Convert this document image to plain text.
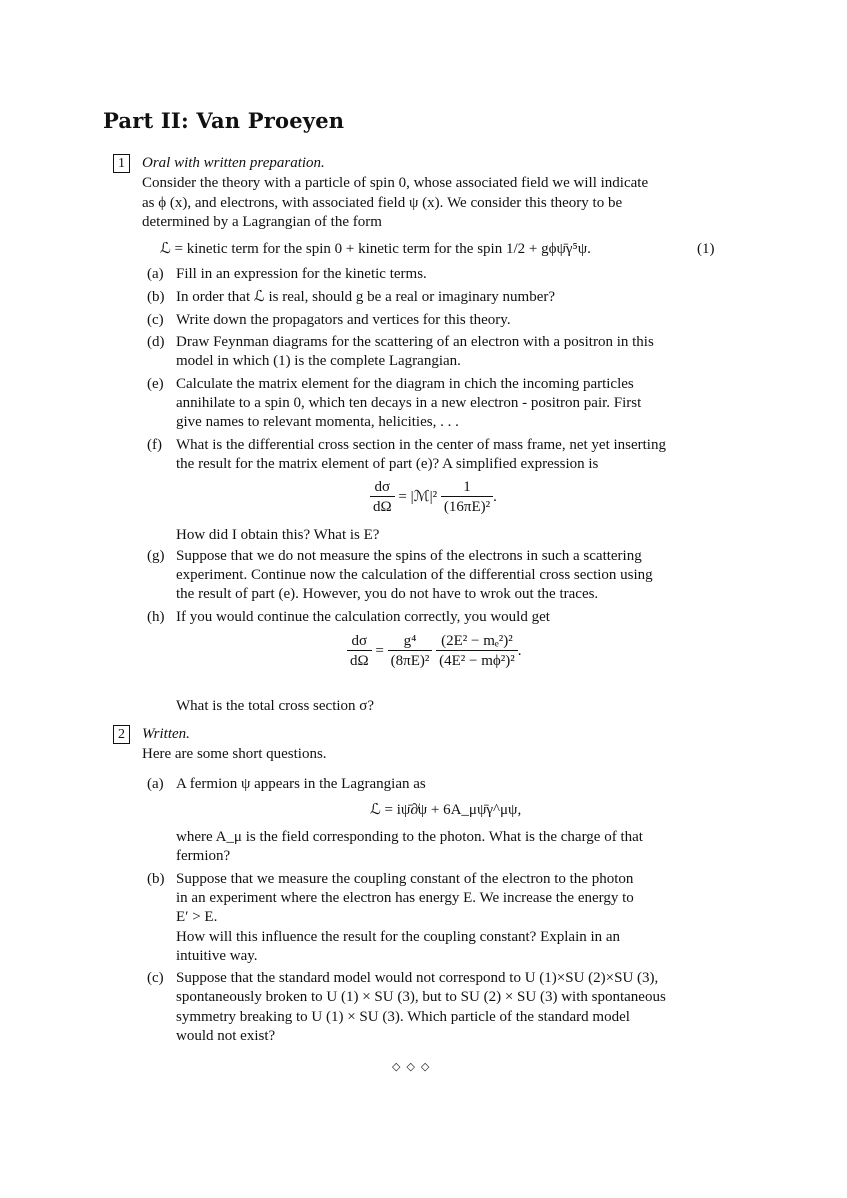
Part II: Van Proeyen
1	Oral with written preparation.
Consider the theory with a particle of spin 0, whose associated field we will indicate
as ϕ (x), and electrons, with associated field ψ (x). We consider this theory to be
determined by a Lagrangian of the form
ℒ = kinetic term for the spin 0 + kinetic term for the spin 1/2 + gϕψ̄γ⁵ψ.	(1)
(a) Fill in an expression for the kinetic terms.
(b) In order that ℒ is real, should g be a real or imaginary number?
(c) Write down the propagators and vertices for this theory.
(d) Draw Feynman diagrams for the scattering of an electron with a positron in this
model in which (1) is the complete Lagrangian.
(e) Calculate the matrix element for the diagram in chich the incoming particles
annihilate to a spin 0, which ten decays in a new electron - positron pair. First
give names to relevant momenta, helicities, . . .
(f) What is the differential cross section in the center of mass frame, net yet inserting
the result for the matrix element of part (e)? A simplified expression is
$\frac{d\sigma}{d\Omega}$ = |ℳ|² $\frac{1}{\text{(16πE)²}}$ .
How did I obtain this? What is E?
(g) Suppose that we do not measure the spins of the electrons in such a scattering
experiment. Continue now the calculation of the differential cross section using
the result of part (e). However, you do not have to wrok out the traces.
(h) If you would continue the calculation correctly, you would get
$\frac{d\sigma}{d\Omega} = \frac{\text{g⁴}}{\text{(8πE)²}}$
$\frac{\text{(2E² − mₑ²)²}}{\text{(4E² − mϕ²)²}}$ .
What is the total cross section σ?
2	Written.
Here are some short questions.
(a) A fermion ψ appears in the Lagrangian as
ℒ = iψ̄∂̸ψ + 6A_μψ̄γ^μψ,
where A_μ is the field corresponding to the photon. What is the charge of that
fermion?
(b) Suppose that we measure the coupling constant of the electron to the photon
in an experiment where the electron has energy E. We increase the energy to
E′ > E.
How will this influence the result for the coupling constant? Explain in an
intuitive way.
(c) Suppose that the standard model would not correspond to U (1)×SU (2)×SU (3),
spontaneously broken to U (1) × SU (3), but to SU (2) × SU (3) with spontaneous
symmetry breaking to U (1) × SU (3). Which particle of the standard model
would not exist?
◇◇◇
